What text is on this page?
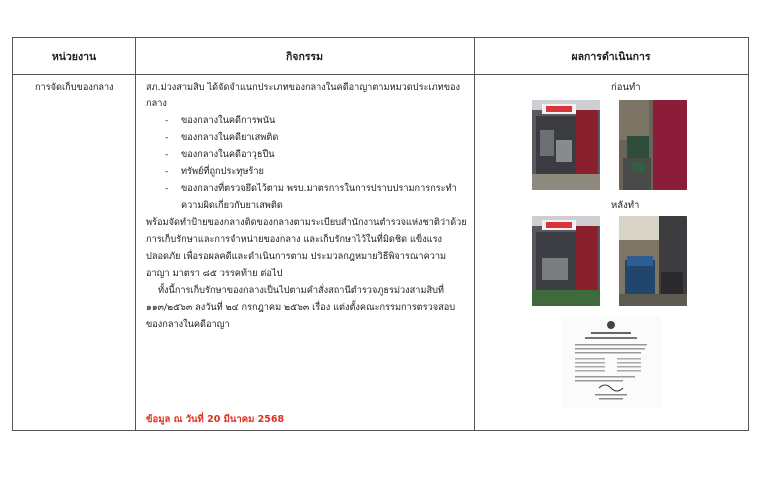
หน่วยงาน	กิจกรรม	ผลการดำเนินการ
การจัดเก็บของกลาง	สภ.ม่วงสามสิบ ได้จัดจำแนกประเภทของกลางในคดีอาญาตามหมวดประเภทของ
กลาง
- ของกลางในคดีการพนัน
- ของกลางในคดียาเสพติด
- ของกลางในคดีอาวุธปืน
- ทรัพย์ที่ถูกประทุษร้าย
- ของกลางที่ตรวจยึดไว้ตาม พรบ.มาตรการในการปราบปรามการกระทำ
ความผิดเกี่ยวกับยาเสพติด
พร้อมจัดทำป้ายของกลางติดของกลางตามระเบียบสำนักงานตำรวจแห่งชาติว่าด้วย
การเก็บรักษาและการจำหน่ายของกลาง และเก็บรักษาไว้ในที่มิดชิด แข็งแรง
ปลอดภัย เพื่อรอผลคดีและดำเนินการตาม ประมวลกฎหมายวิธีพิจารณาความ
อาญา มาตรา ๘๕ วรรคท้าย ต่อไป
ทั้งนี้การเก็บรักษาของกลางเป็นไปตามคำสั่งสถานีตำรวจภูธรม่วงสามสิบที่
๑๑๓/๒๕๖๓ ลงวันที่ ๒๔ กรกฎาคม ๒๕๖๓ เรื่อง แต่งตั้งคณะกรรมการตรวจสอบ
ของกลางในคดีอาญา
ข้อมูล ณ วันที่ 20 มีนาคม 2568
ก่อนทำ
หลังทำ
